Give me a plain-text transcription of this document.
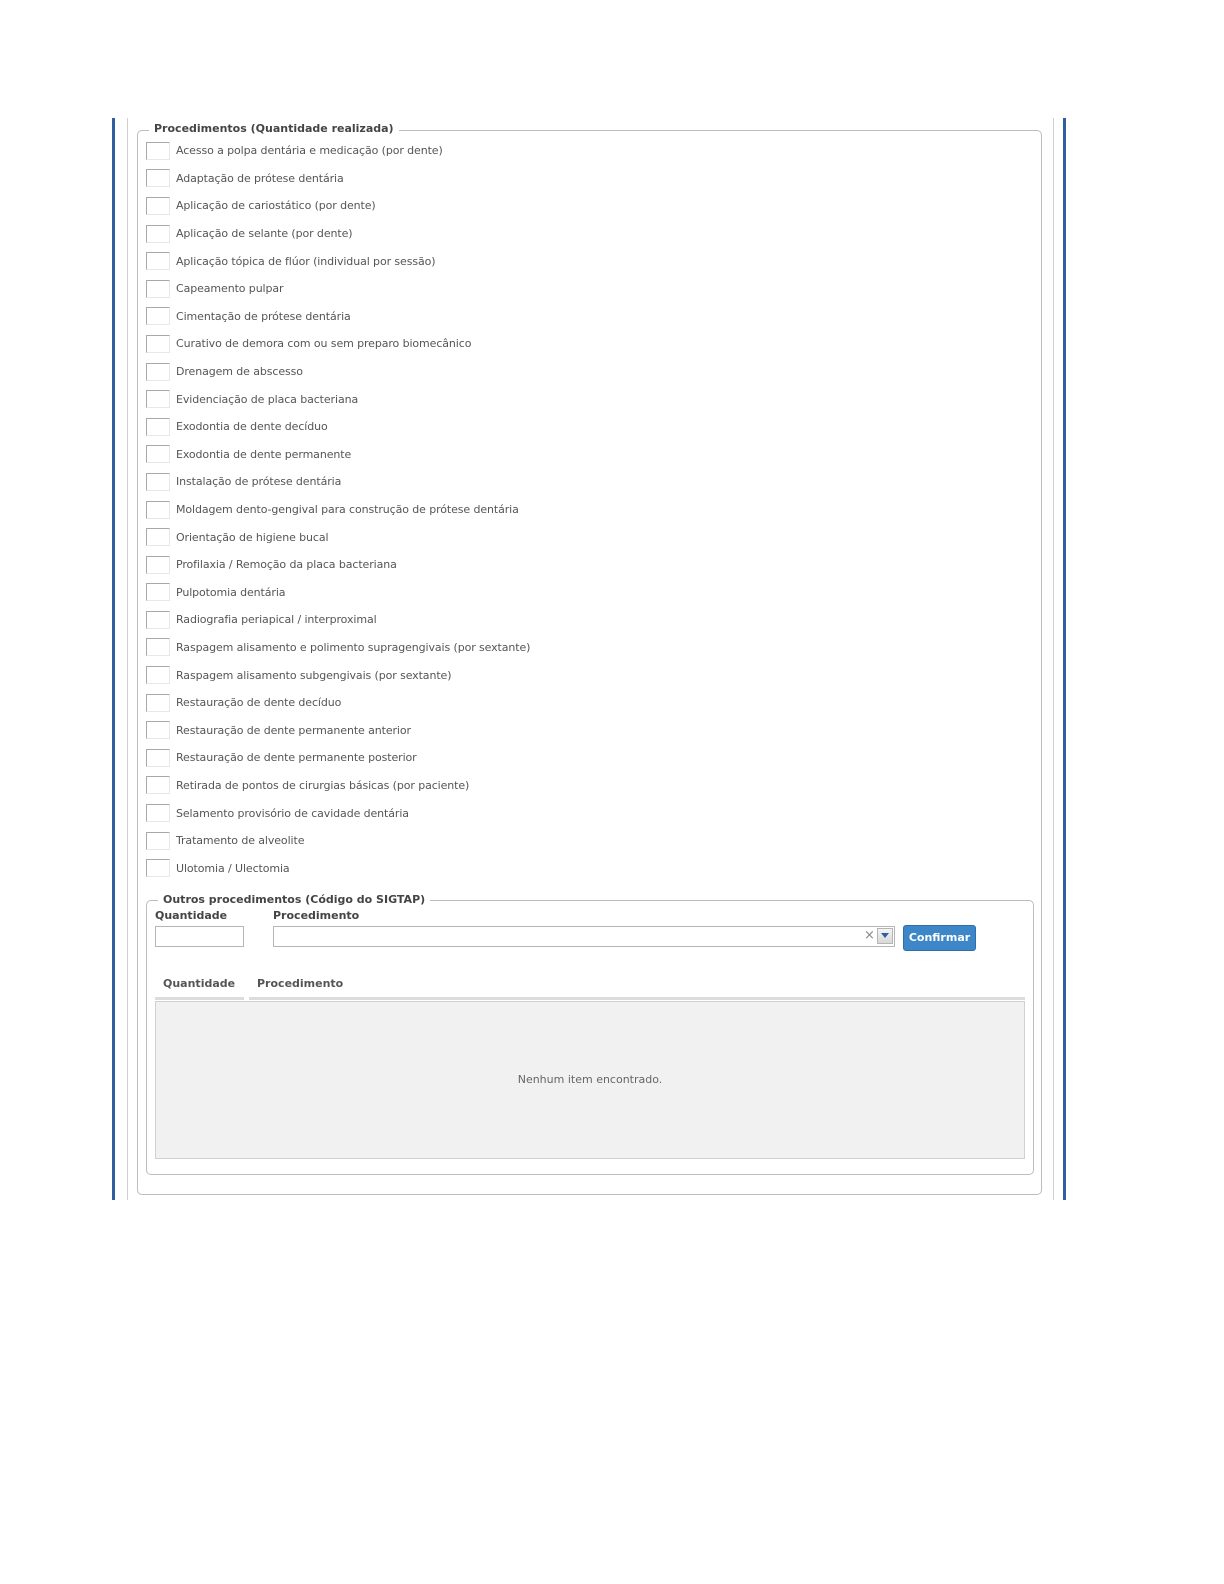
Procedimentos (Quantidade realizada)
Acesso a polpa dentária e medicação (por dente)
Adaptação de prótese dentária
Aplicação de cariostático (por dente)
Aplicação de selante (por dente)
Aplicação tópica de flúor (individual por sessão)
Capeamento pulpar
Cimentação de prótese dentária
Curativo de demora com ou sem preparo biomecânico
Drenagem de abscesso
Evidenciação de placa bacteriana
Exodontia de dente decíduo
Exodontia de dente permanente
Instalação de prótese dentária
Moldagem dento-gengival para construção de prótese dentária
Orientação de higiene bucal
Profilaxia / Remoção da placa bacteriana
Pulpotomia dentária
Radiografia periapical / interproximal
Raspagem alisamento e polimento supragengivais (por sextante)
Raspagem alisamento subgengivais (por sextante)
Restauração de dente decíduo
Restauração de dente permanente anterior
Restauração de dente permanente posterior
Retirada de pontos de cirurgias básicas (por paciente)
Selamento provisório de cavidade dentária
Tratamento de alveolite
Ulotomia / Ulectomia
Outros procedimentos (Código do SIGTAP)
Quantidade	Procedimento
×	Confirmar
Quantidade Procedimento
Nenhum item encontrado.
